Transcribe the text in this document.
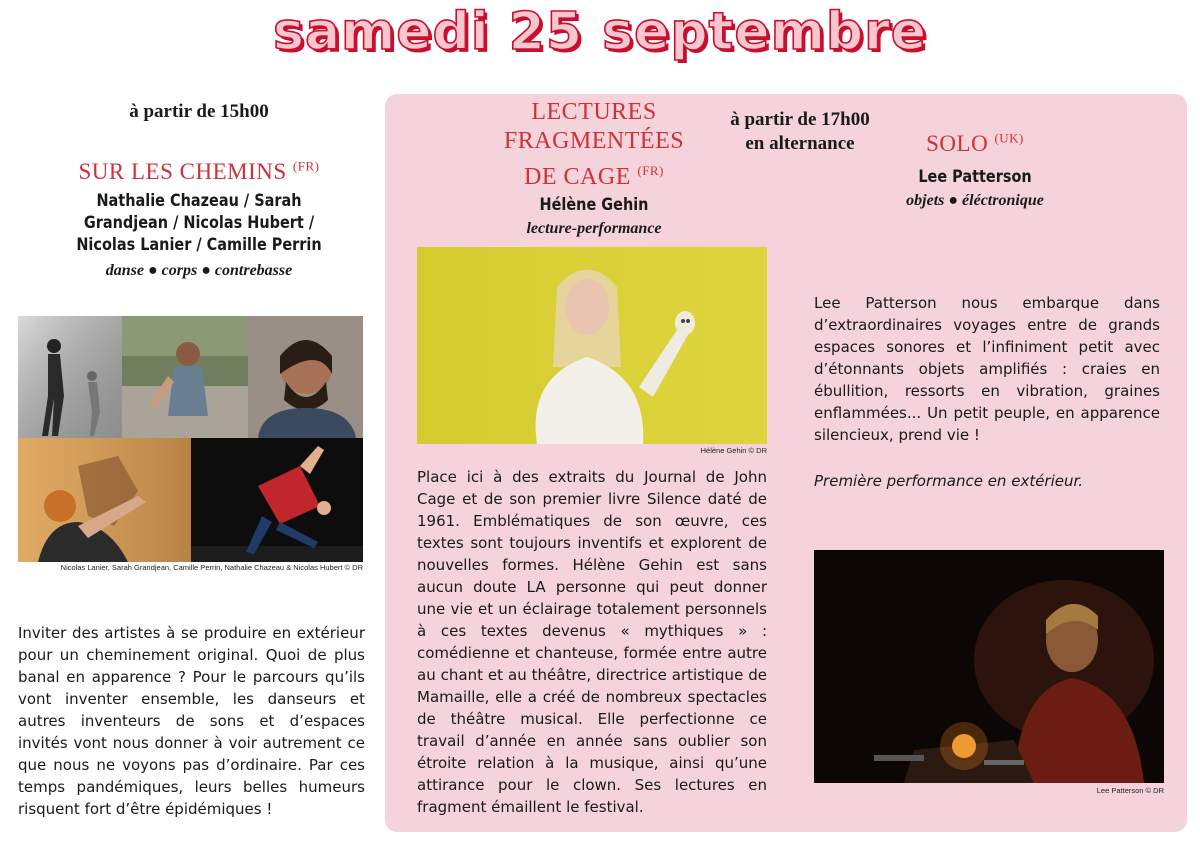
samedi 25 septembre
à partir de 15h00
SUR LES CHEMINS $^{(FR)}$
Nathalie Chazeau / Sarah Grandjean / Nicolas Hubert / Nicolas Lanier / Camille Perrin
danse ● corps ● contrebasse
Nicolas Lanier, Sarah Grandjean, Camille Perrin, Nathalie Chazeau & Nicolas Hubert © DR
Inviter des artistes à se produire en extérieur pour un cheminement original. Quoi de plus banal en apparence ? Pour le parcours qu’ils vont inventer ensemble, les danseurs et autres inventeurs de sons et d’espaces invités vont nous donner à voir autrement ce que nous ne voyons pas d’ordinaire. Par ces temps pandémiques, leurs belles humeurs risquent fort d’être épidémiques !
LECTURES FRAGMENTÉES DE CAGE $^{(FR)}$
Hélène Gehin
lecture-performance
Hélène Gehin © DR
Place ici à des extraits du Journal de John Cage et de son premier livre Silence daté de 1961. Emblématiques de son œuvre, ces textes sont toujours inventifs et explorent de nouvelles formes. Hélène Gehin est sans aucun doute LA personne qui peut donner une vie et un éclairage totalement personnels à ces textes devenus « mythiques » : comédienne et chanteuse, formée entre autre au chant et au théâtre, directrice artistique de Mamaille, elle a créé de nombreux spectacles de théâtre musical. Elle perfectionne ce travail d’année en année sans oublier son étroite relation à la musique, ainsi qu’une attirance pour le clown. Ses lectures en fragment émaillent le festival.
à partir de 17h00
en alternance	SOLO $^{(UK)}$
Lee Patterson
objets ● éléctronique
Lee Patterson nous embarque dans d’extraordinaires voyages entre de grands espaces sonores et l’infiniment petit avec d’étonnants objets amplifiés : craies en ébullition, ressorts en vibration, graines enflammées... Un petit peuple, en apparence silencieux, prend vie !
Première performance en extérieur.
Lee Patterson © DR
